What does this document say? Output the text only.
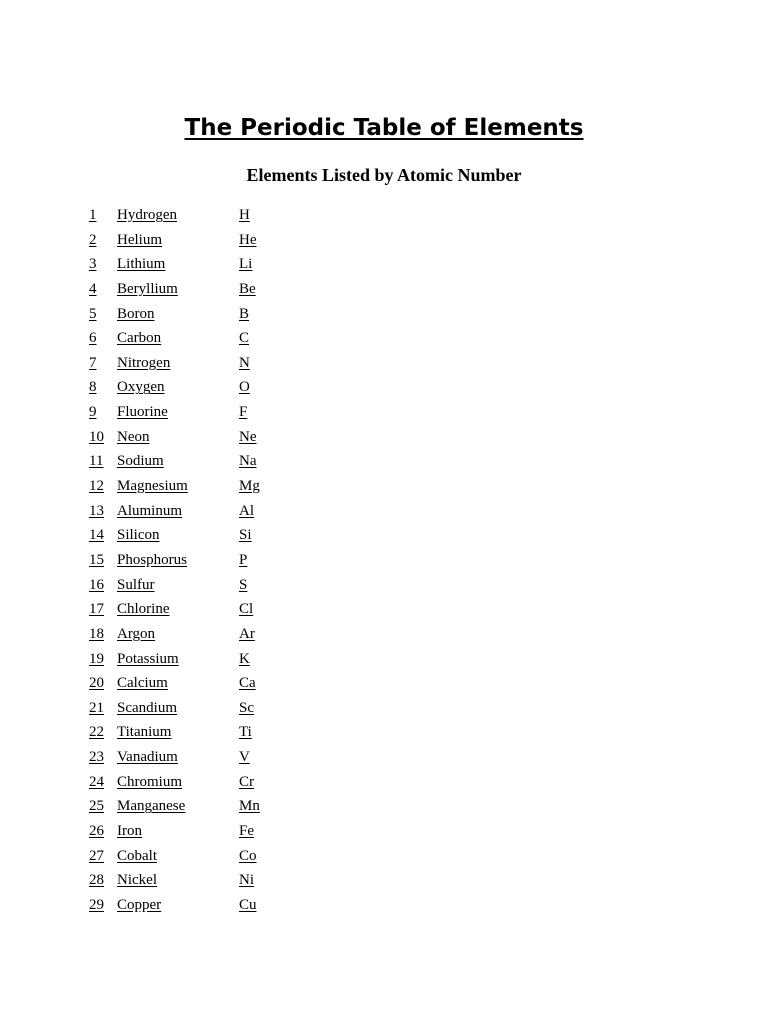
The Periodic Table of Elements
Elements Listed by Atomic Number
1 Hydrogen	H
2 Helium	He
3 Lithium	Li
4 Beryllium	Be
5 Boron	B
6 Carbon	C
7 Nitrogen	N
8 Oxygen	O
9 Fluorine	F
10 Neon	Ne
11 Sodium	Na
12 Magnesium	Mg
13 Aluminum	Al
14 Silicon	Si
15 Phosphorus	P
16 Sulfur	S
17 Chlorine	Cl
18 Argon	Ar
19 Potassium	K
20 Calcium	Ca
21 Scandium	Sc
22 Titanium	Ti
23 Vanadium	V
24 Chromium	Cr
25 Manganese	Mn
26 Iron	Fe
27 Cobalt	Co
28 Nickel	Ni
29 Copper	Cu
